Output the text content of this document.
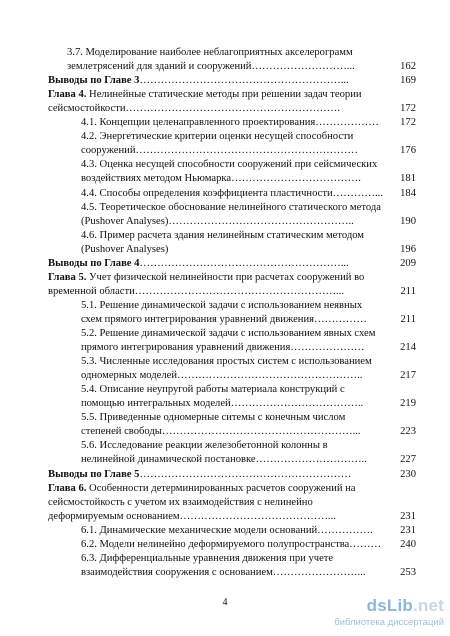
3.7. Моделирование наиболее неблагоприятных акселерограмм
землетрясений для зданий и сооружений………………………...	162
Выводы по Главе 3…………………………………………………...	169
Глава 4. Нелинейные статические методы при решении задач теории
сейсмостойкости…………………………………………………….	172
4.1. Концепции целенаправленного проектирования………………	172
4.2. Энергетические критерии оценки несущей способности
сооружений………………………………………………………	176
4.3. Оценка несущей способности сооружений при сейсмических
воздействиях методом Ньюмарка……………………………….	181
4.4. Способы определения коэффициента пластичности…………...	184
4.5. Теоретическое обоснование нелинейного статического метода
(Pushover Analyses)……………………………………………..	190
4.6. Пример расчета здания нелинейным статическим методом
(Pushover Analyses)	196
Выводы по Главе 4…………………………………………………...	209
Глава 5. Учет физической нелинейности при расчетах сооружений во
временной области…………………………………………………...	211
5.1. Решение динамической задачи с использованием неявных
схем прямого интегрирования уравнений движения……………	211
5.2. Решение динамической задачи с использованием явных схем
прямого интегрирования уравнений движения…………………	214
5.3. Численные исследования простых систем с использованием
одномерных моделей……………………………………………..	217
5.4. Описание неупругой работы материала конструкций с
помощью интегральных моделей………………………………..	219
5.5. Приведенные одномерные ситемы с конечным числом
степеней свободы………………………………………………...	223
5.6. Исследование реакции железобетонной колонны в
нелинейной динамической постановке…………………………..	227
Выводы по Главе 5……………………………………………………	230
Глава 6. Особенности детерминированных расчетов сооружений на
сейсмостойкость с учетом их взаимодействия с нелинейно
деформируемым основанием……………………………………...	231
6.1. Динамические механические модели оснований…………….	231
6.2. Модели нелинейно деформируемого полупространства………	240
6.3. Дифференциальные уравнения движения при учете
взаимодействия сооружения с основанием……………………...	253
4	dsLib.net
библиотека диссертаций
